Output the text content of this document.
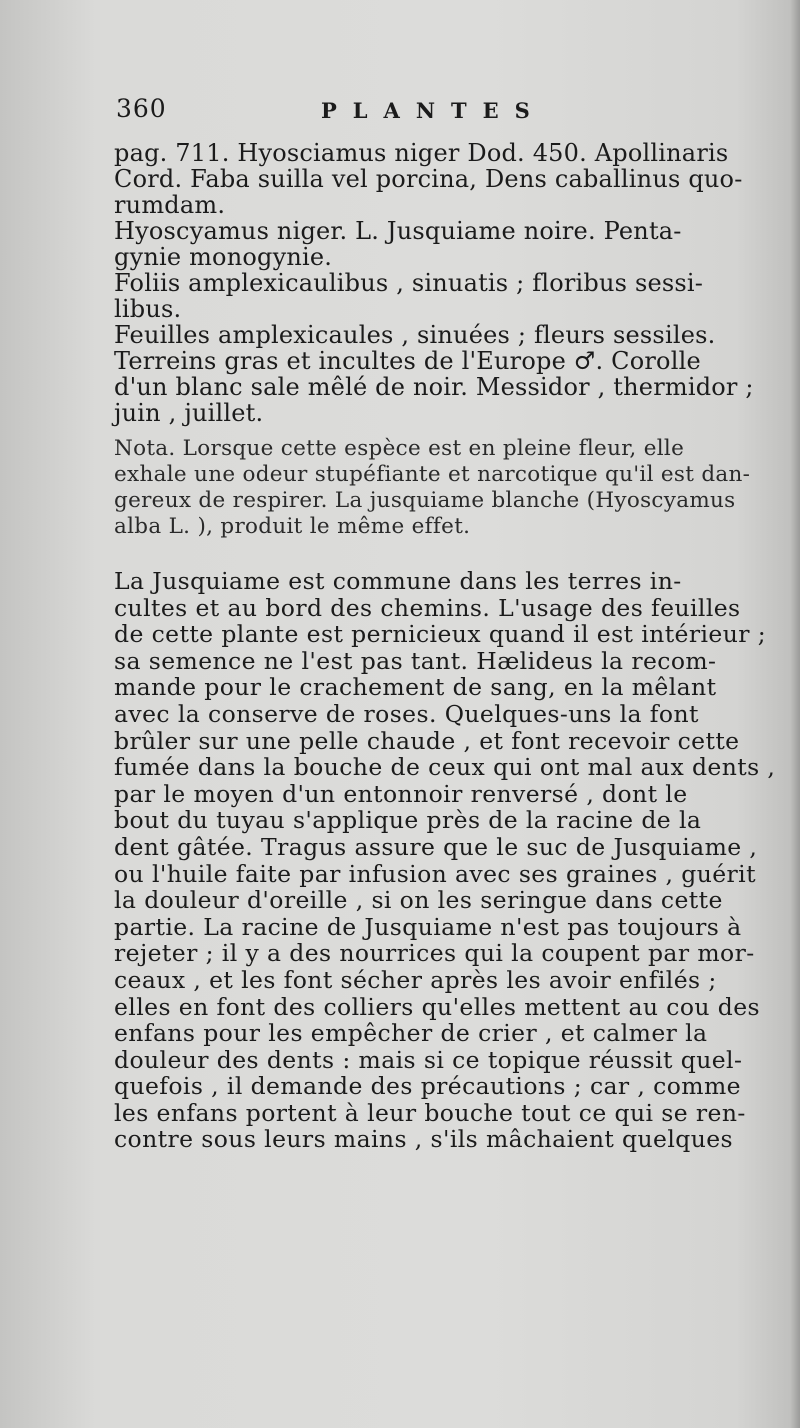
360	PLANTES

pag. 711. Hyosciamus niger Dod. 450. Apollinaris

Cord. Faba suilla vel porcina, Dens caballinus quo-

rumdam.

Hyoscyamus niger. L. Jusquiame noire. Penta-

gynie monogynie.

Foliis amplexicaulibus , sinuatis ; floribus sessi-

libus.

Feuilles amplexicaules , sinuées ; fleurs sessiles.

Terreins gras et incultes de l'Europe ♂. Corolle

d'un blanc sale mêlé de noir. Messidor , thermidor ;

juin , juillet.

Nota. Lorsque cette espèce est en pleine fleur, elle

exhale une odeur stupéfiante et narcotique qu'il est dan-

gereux de respirer. La jusquiame blanche (Hyoscyamus

alba L. ), produit le même effet.

La Jusquiame est commune dans les terres in-

cultes et au bord des chemins. L'usage des feuilles

de cette plante est pernicieux quand il est intérieur ;

sa semence ne l'est pas tant. Hælideus la recom-

mande pour le crachement de sang, en la mêlant

avec la conserve de roses. Quelques-uns la font

brûler sur une pelle chaude , et font recevoir cette

fumée dans la bouche de ceux qui ont mal aux dents ,

par le moyen d'un entonnoir renversé , dont le

bout du tuyau s'applique près de la racine de la

dent gâtée. Tragus assure que le suc de Jusquiame ,

ou l'huile faite par infusion avec ses graines , guérit

la douleur d'oreille , si on les seringue dans cette

partie. La racine de Jusquiame n'est pas toujours à

rejeter ; il y a des nourrices qui la coupent par mor-

ceaux , et les font sécher après les avoir enfilés ;

elles en font des colliers qu'elles mettent au cou des

enfans pour les empêcher de crier , et calmer la

douleur des dents : mais si ce topique réussit quel-

quefois , il demande des précautions ; car , comme

les enfans portent à leur bouche tout ce qui se ren-

contre sous leurs mains , s'ils mâchaient quelques
